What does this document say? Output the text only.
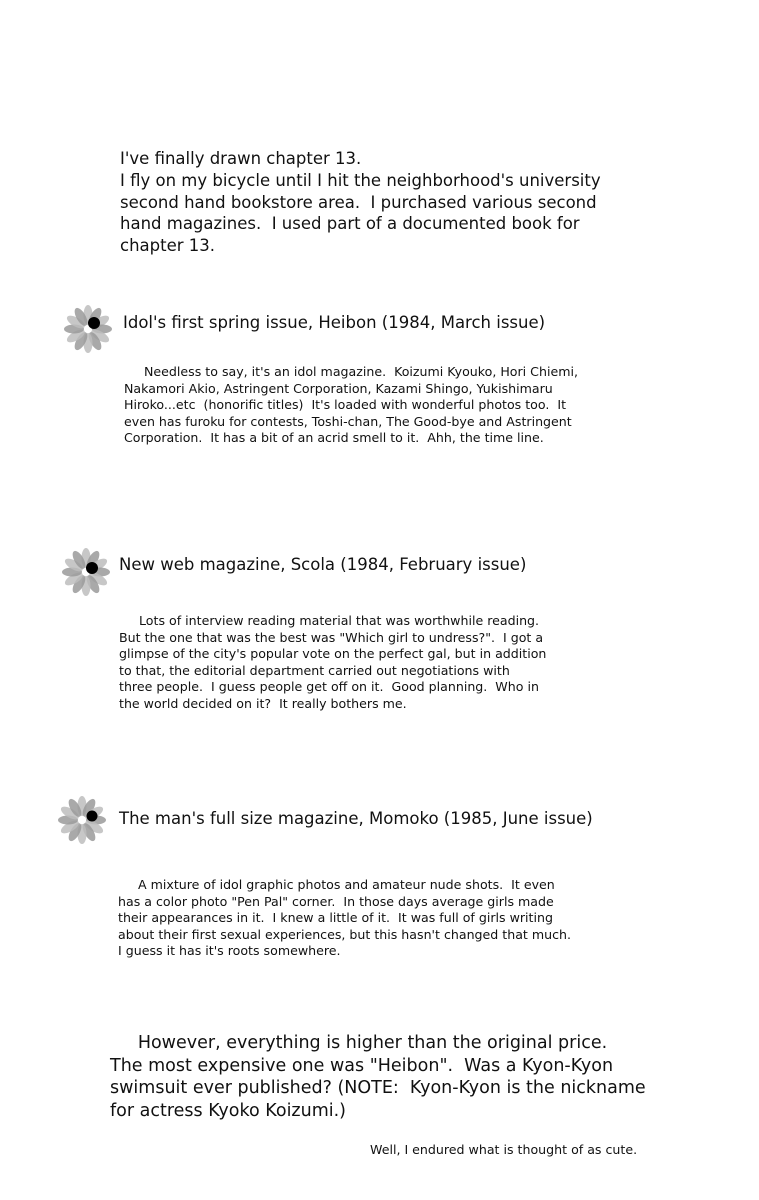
I've finally drawn chapter 13.
I fly on my bicycle until I hit the neighborhood's university
second hand bookstore area.  I purchased various second
hand magazines.  I used part of a documented book for
chapter 13.
Idol's first spring issue, Heibon (1984, March issue)
Needless to say, it's an idol magazine.  Koizumi Kyouko, Hori Chiemi,
Nakamori Akio, Astringent Corporation, Kazami Shingo, Yukishimaru
Hiroko...etc  (honorific titles)  It's loaded with wonderful photos too.  It
even has furoku for contests, Toshi-chan, The Good-bye and Astringent
Corporation.  It has a bit of an acrid smell to it.  Ahh, the time line.
New web magazine, Scola (1984, February issue)
Lots of interview reading material that was worthwhile reading.
But the one that was the best was "Which girl to undress?".  I got a
glimpse of the city's popular vote on the perfect gal, but in addition
to that, the editorial department carried out negotiations with
three people.  I guess people get off on it.  Good planning.  Who in
the world decided on it?  It really bothers me.
The man's full size magazine, Momoko (1985, June issue)
A mixture of idol graphic photos and amateur nude shots.  It even
has a color photo "Pen Pal" corner.  In those days average girls made
their appearances in it.  I knew a little of it.  It was full of girls writing
about their first sexual experiences, but this hasn't changed that much.
I guess it has it's roots somewhere.
However, everything is higher than the original price.
The most expensive one was "Heibon".  Was a Kyon-Kyon
swimsuit ever published? (NOTE:  Kyon-Kyon is the nickname
for actress Kyoko Koizumi.)
Well, I endured what is thought of as cute.
